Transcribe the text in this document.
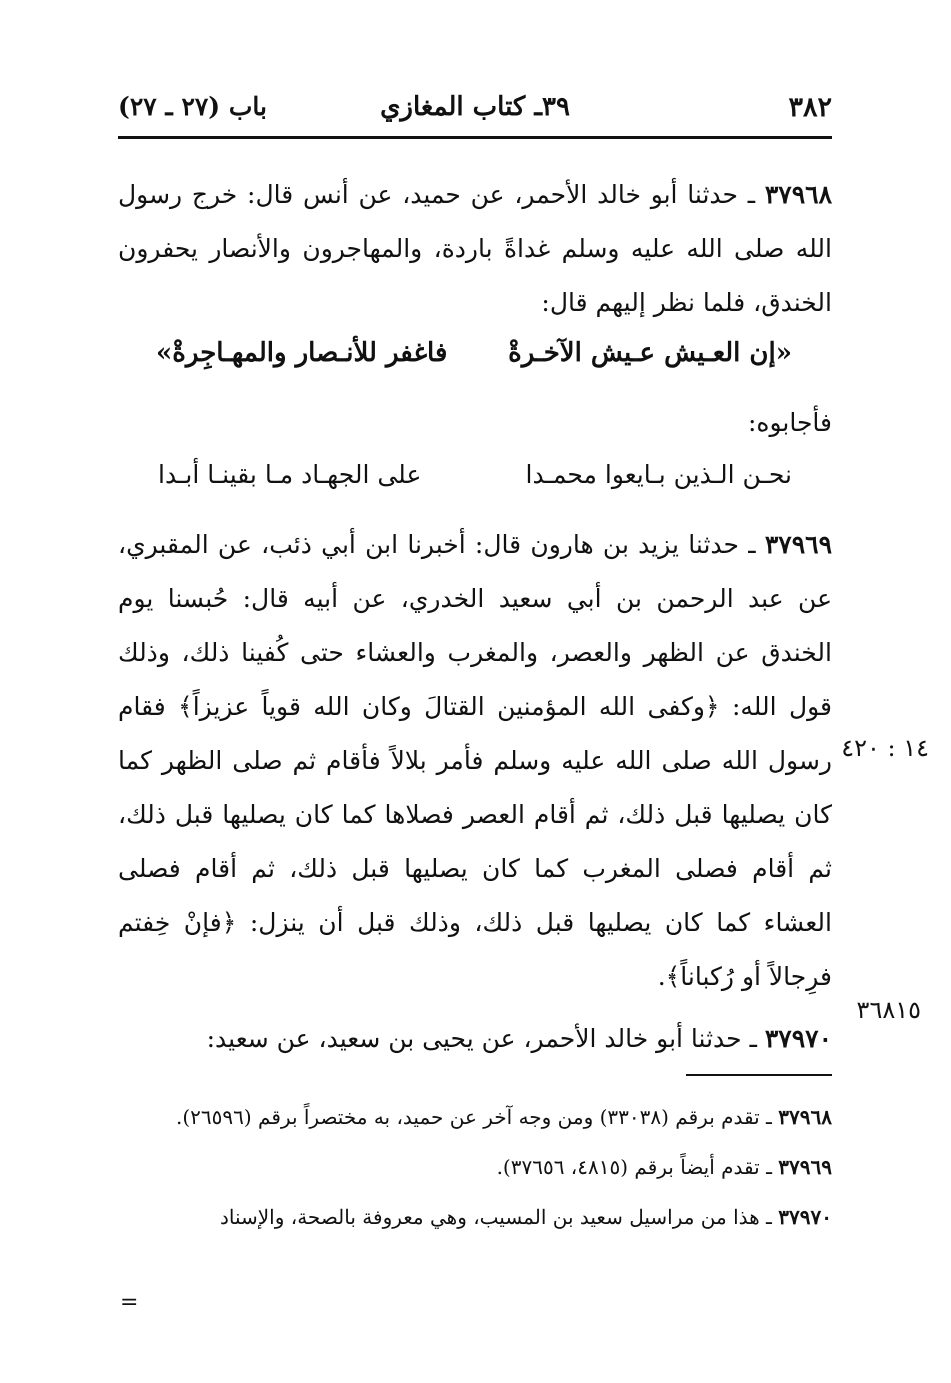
٣٨٢
٣٩ـ كتاب المغازي
باب (٢٧ ـ ٢٧)

٣٧٩٦٨ ـ حدثنا أبو خالد الأحمر، عن حميد، عن أنس قال: خرج رسول الله صلى الله عليه وسلم غداةً باردة، والمهاجرون والأنصار يحفرون الخندق، فلما نظر إليهم قال:

«إن العـيش عـيش الآخـرةْ
فاغفر للأنـصار والمهـاجِرةْ»

فأجابوه:

نحـن الـذين بـايعوا محمـدا
على الجهـاد مـا بقينـا أبـدا

٣٧٩٦٩ ـ حدثنا يزيد بن هارون قال: أخبرنا ابن أبي ذئب، عن المقبري، عن عبد الرحمن بن أبي سعيد الخدري، عن أبيه قال: حُبسنا يوم الخندق عن الظهر والعصر، والمغرب والعشاء حتى كُفينا ذلك، وذلك قول الله: ﴿وكفى الله المؤمنين القتالَ وكان الله قوياً عزيزاً﴾ فقام رسول الله صلى الله عليه وسلم فأمر بلالاً فأقام ثم صلى الظهر كما كان يصليها قبل ذلك، ثم أقام العصر فصلاها كما كان يصليها قبل ذلك، ثم أقام فصلى المغرب كما كان يصليها قبل ذلك، ثم أقام فصلى العشاء كما كان يصليها قبل ذلك، وذلك قبل أن ينزل: ﴿فإنْ خِفتم فرِجالاً أو رُكباناً﴾.

٣٧٩٧٠ ـ حدثنا أبو خالد الأحمر، عن يحيى بن سعيد، عن سعيد:

١٤ : ٤٢٠
٣٦٨١٥

٣٧٩٦٨ ـ تقدم برقم (٣٣٠٣٨) ومن وجه آخر عن حميد، به مختصراً برقم (٢٦٥٩٦).

٣٧٩٦٩ ـ تقدم أيضاً برقم (٤٨١٥، ٣٧٦٥٦).

٣٧٩٧٠ ـ هذا من مراسيل سعيد بن المسيب، وهي معروفة بالصحة، والإسناد

=
